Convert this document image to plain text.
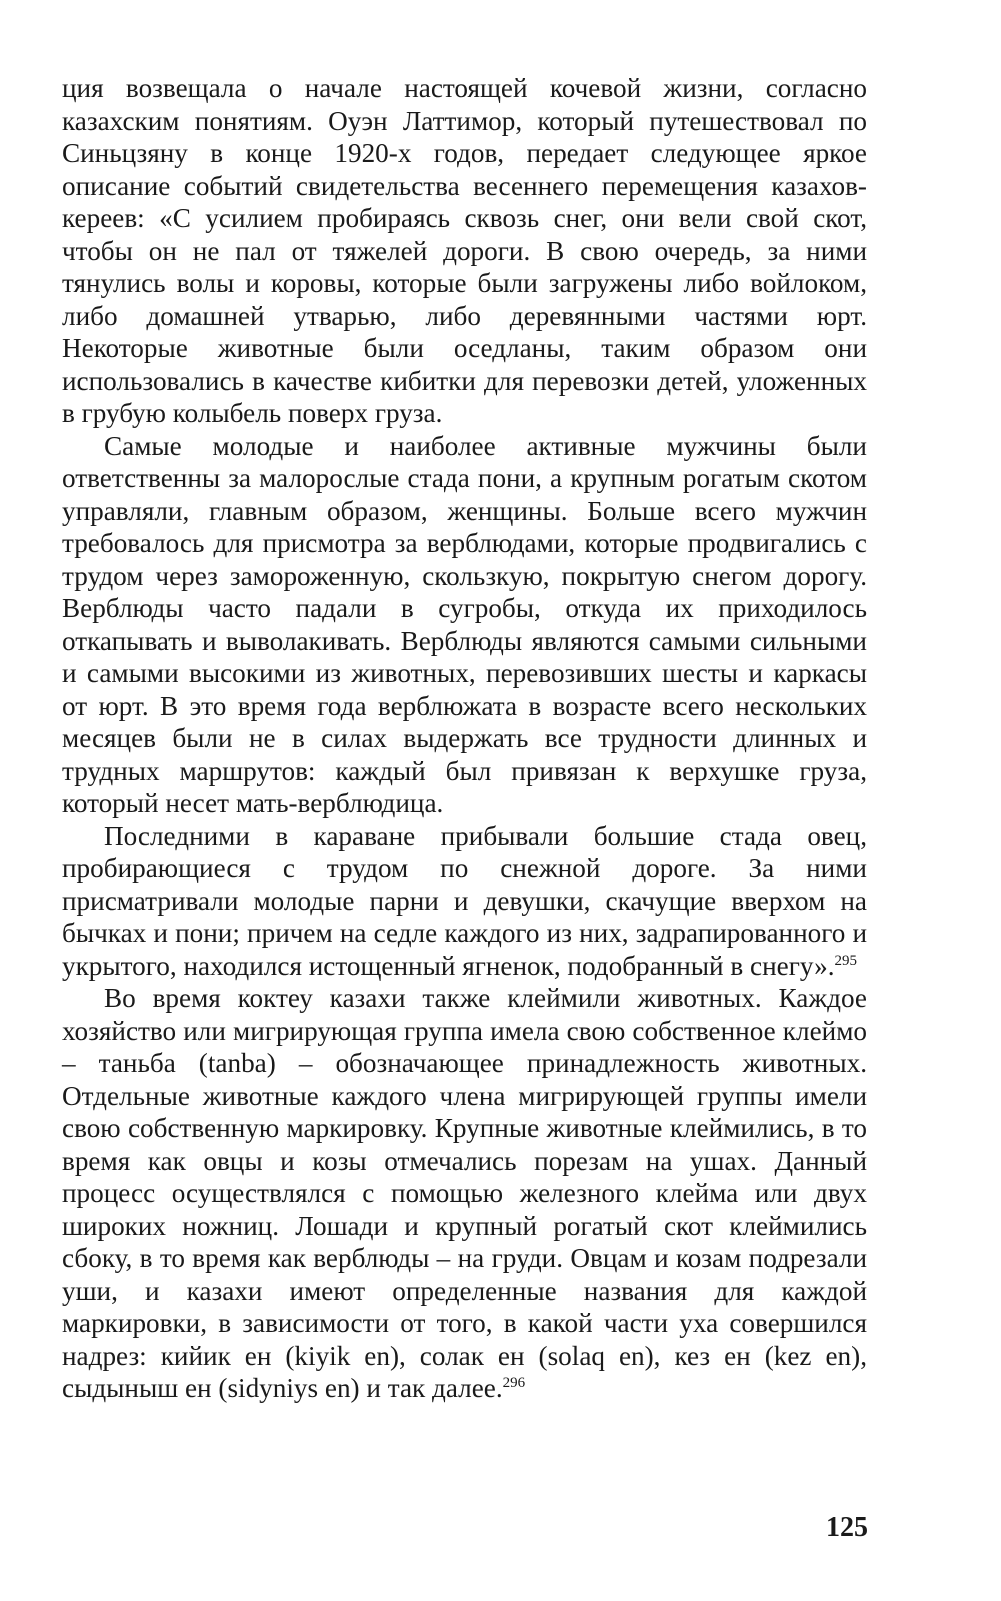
ция возвещала о начале настоящей кочевой жизни, согласно казахским понятиям. Оуэн Латтимор, который путешествовал по Синьцзяну в конце 1920-х годов, передает следующее яркое описание событий свидетельства весеннего перемещения казахов-кереев: «С усилием пробираясь сквозь снег, они вели свой скот, чтобы он не пал от тяжелей дороги. В свою очередь, за ними тянулись волы и коровы, которые были загружены либо войлоком, либо домашней утварью, либо деревянными частями юрт. Некоторые животные были оседланы, таким образом они использовались в качестве кибитки для перевозки детей, уложенных в грубую колыбель поверх груза.

Самые молодые и наиболее активные мужчины были ответственны за малорослые стада пони, а крупным рогатым скотом управляли, главным образом, женщины. Больше всего мужчин требовалось для присмотра за верблюдами, которые продвигались с трудом через замороженную, скользкую, покрытую снегом дорогу. Верблюды часто падали в сугробы, откуда их приходилось откапывать и выволакивать. Верблюды являются самыми сильными и самыми высокими из животных, перевозивших шесты и каркасы от юрт. В это время года верблюжата в возрасте всего нескольких месяцев были не в силах выдержать все трудности длинных и трудных маршрутов: каждый был привязан к верхушке груза, который несет мать-верблюдица.

Последними в караване прибывали большие стада овец, пробирающиеся с трудом по снежной дороге. За ними присматривали молодые парни и девушки, скачущие вверхом на бычках и пони; причем на седле каждого из них, задрапированного и укрытого, находился истощенный ягненок, подобранный в снегу».$^{295}$

Во время коктеу казахи также клеймили животных. Каждое хозяйство или мигрирующая группа имела свою собственное клеймо – таньба (tanba) – обозначающее принадлежность животных. Отдельные животные каждого члена мигрирующей группы имели свою собственную маркировку. Крупные животные клеймились, в то время как овцы и козы отмечались порезам на ушах. Данный процесс осуществлялся с помощью железного клейма или двух широких ножниц. Лошади и крупный рогатый скот клеймились сбоку, в то время как верблюды – на груди. Овцам и козам подрезали уши, и казахи имеют определенные названия для каждой маркировки, в зависимости от того, в какой части уха совершился надрез: кийик ен (kiyik en), солак ен (solaq en), кез ен (kez en), сыдыныш ен (sidyniys en) и так далее.$^{296}$

125
